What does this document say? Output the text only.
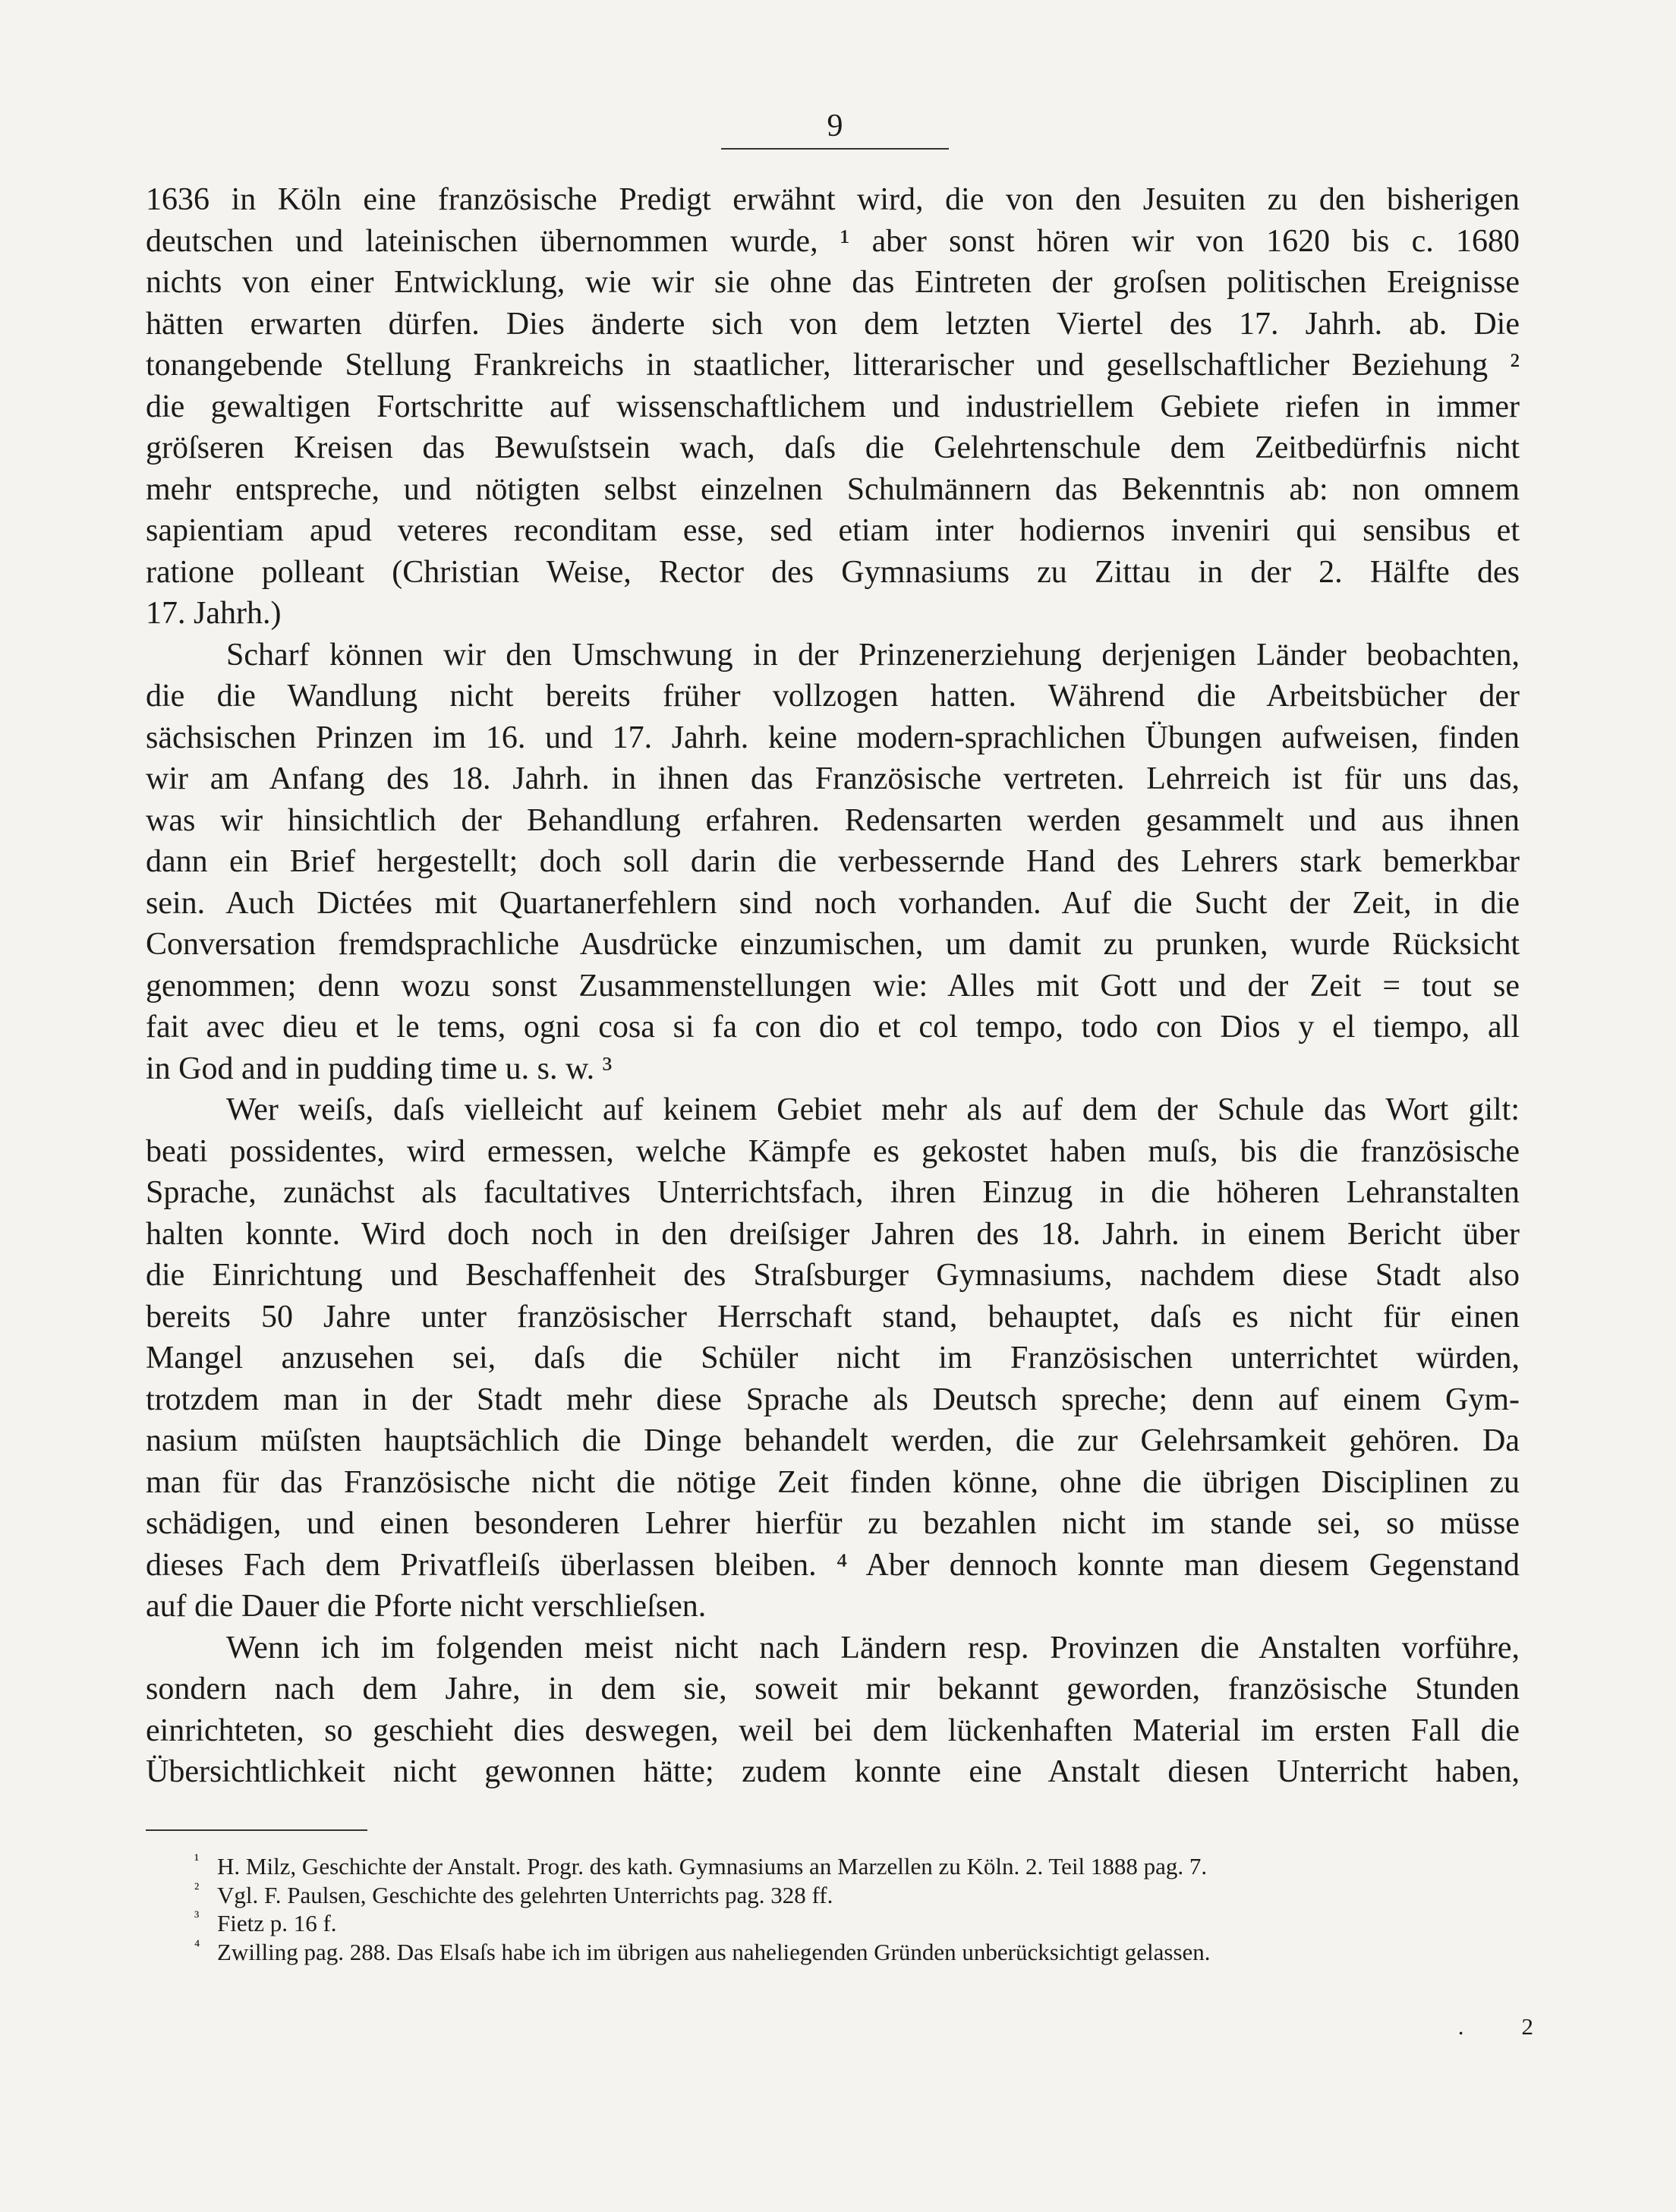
9

1636 in Köln eine französische Predigt erwähnt wird, die von den Jesuiten zu den bisherigen

deutschen und lateinischen übernommen wurde, ¹ aber sonst hören wir von 1620 bis c. 1680

nichts von einer Entwicklung, wie wir sie ohne das Eintreten der groſsen politischen Ereignisse

hätten erwarten dürfen. Dies änderte sich von dem letzten Viertel des 17. Jahrh. ab. Die

tonangebende Stellung Frankreichs in staatlicher, litterarischer und gesellschaftlicher Beziehung ²

die gewaltigen Fortschritte auf wissenschaftlichem und industriellem Gebiete riefen in immer

gröſseren Kreisen das Bewuſstsein wach, daſs die Gelehrtenschule dem Zeitbedürfnis nicht

mehr entspreche, und nötigten selbst einzelnen Schulmännern das Bekenntnis ab: non omnem

sapientiam apud veteres reconditam esse, sed etiam inter hodiernos inveniri qui sensibus et

ratione polleant (Christian Weise, Rector des Gymnasiums zu Zittau in der 2. Hälfte des

17. Jahrh.)

Scharf können wir den Umschwung in der Prinzenerziehung derjenigen Länder beobachten,

die die Wandlung nicht bereits früher vollzogen hatten. Während die Arbeitsbücher der

sächsischen Prinzen im 16. und 17. Jahrh. keine modern-sprachlichen Übungen aufweisen, finden

wir am Anfang des 18. Jahrh. in ihnen das Französische vertreten. Lehrreich ist für uns das,

was wir hinsichtlich der Behandlung erfahren. Redensarten werden gesammelt und aus ihnen

dann ein Brief hergestellt; doch soll darin die verbessernde Hand des Lehrers stark bemerkbar

sein. Auch Dictées mit Quartanerfehlern sind noch vorhanden. Auf die Sucht der Zeit, in die

Conversation fremdsprachliche Ausdrücke einzumischen, um damit zu prunken, wurde Rücksicht

genommen; denn wozu sonst Zusammenstellungen wie: Alles mit Gott und der Zeit = tout se

fait avec dieu et le tems, ogni cosa si fa con dio et col tempo, todo con Dios y el tiempo, all

in God and in pudding time u. s. w. ³

Wer weiſs, daſs vielleicht auf keinem Gebiet mehr als auf dem der Schule das Wort gilt:

beati possidentes, wird ermessen, welche Kämpfe es gekostet haben muſs, bis die französische

Sprache, zunächst als facultatives Unterrichtsfach, ihren Einzug in die höheren Lehranstalten

halten konnte. Wird doch noch in den dreiſsiger Jahren des 18. Jahrh. in einem Bericht über

die Einrichtung und Beschaffenheit des Straſsburger Gymnasiums, nachdem diese Stadt also

bereits 50 Jahre unter französischer Herrschaft stand, behauptet, daſs es nicht für einen

Mangel anzusehen sei, daſs die Schüler nicht im Französischen unterrichtet würden,

trotzdem man in der Stadt mehr diese Sprache als Deutsch spreche; denn auf einem Gym-

nasium müſsten hauptsächlich die Dinge behandelt werden, die zur Gelehrsamkeit gehören. Da

man für das Französische nicht die nötige Zeit finden könne, ohne die übrigen Disciplinen zu

schädigen, und einen besonderen Lehrer hierfür zu bezahlen nicht im stande sei, so müsse

dieses Fach dem Privatfleiſs überlassen bleiben. ⁴ Aber dennoch konnte man diesem Gegenstand

auf die Dauer die Pforte nicht verschlieſsen.

Wenn ich im folgenden meist nicht nach Ländern resp. Provinzen die Anstalten vorführe,

sondern nach dem Jahre, in dem sie, soweit mir bekannt geworden, französische Stunden

einrichteten, so geschieht dies deswegen, weil bei dem lückenhaften Material im ersten Fall die

Übersichtlichkeit nicht gewonnen hätte; zudem konnte eine Anstalt diesen Unterricht haben,

¹ H. Milz, Geschichte der Anstalt. Progr. des kath. Gymnasiums an Marzellen zu Köln. 2. Teil 1888 pag. 7.

² Vgl. F. Paulsen, Geschichte des gelehrten Unterrichts pag. 328 ff.

³ Fietz p. 16 f.

⁴ Zwilling pag. 288. Das Elsaſs habe ich im übrigen aus naheliegenden Gründen unberücksichtigt gelassen.

. 2
